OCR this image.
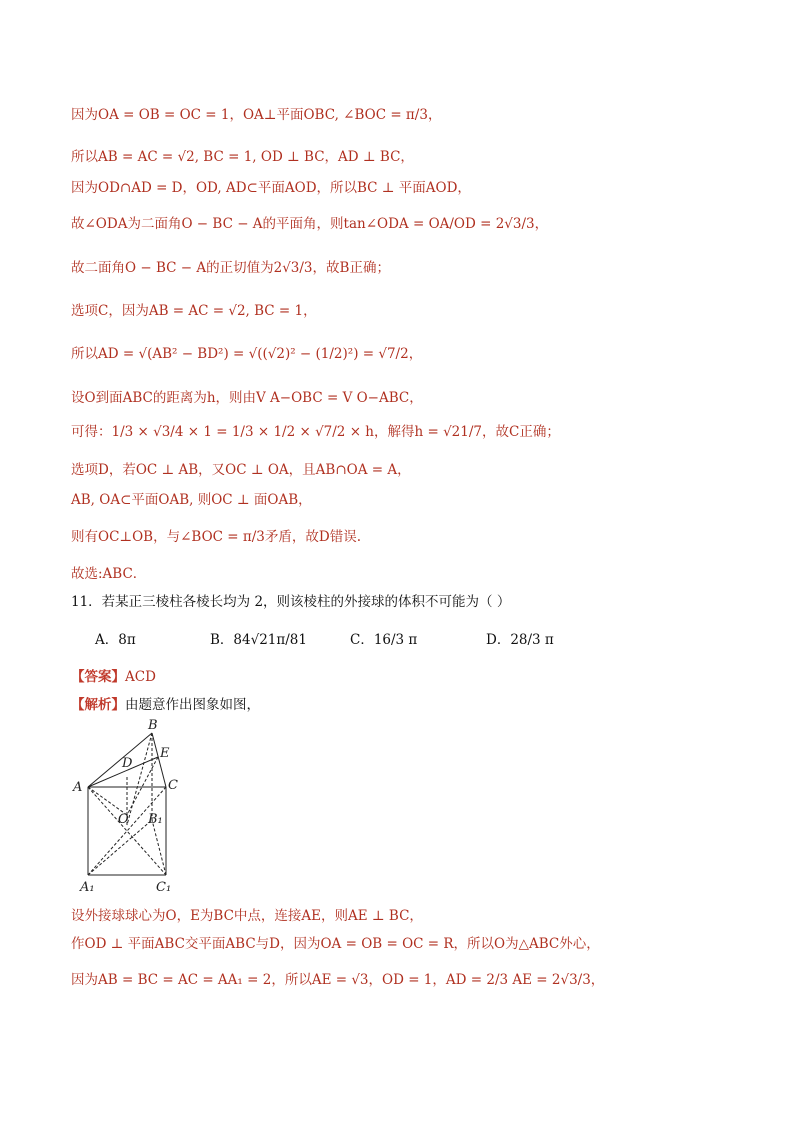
因为OA = OB = OC = 1，OA⊥平面OBC, ∠BOC = π/3，
所以AB = AC = √2, BC = 1, OD ⊥ BC，AD ⊥ BC，
因为OD∩AD = D，OD, AD⊂平面AOD，所以BC ⊥ 平面AOD，
故∠ODA为二面角O − BC − A的平面角，则tan∠ODA = OA/OD = 2√3/3，
故二面角O − BC − A的正切值为2√3/3，故B正确；
选项C，因为AB = AC = √2, BC = 1，
所以AD = √(AB² − BD²) = √((√2)² − (1/2)²) = √7/2，
设O到面ABC的距离为h，则由V A−OBC = V O−ABC，
可得：1/3 × √3/4 × 1 = 1/3 × 1/2 × √7/2 × h，解得h = √21/7，故C正确；
选项D，若OC ⊥ AB，又OC ⊥ OA，且AB∩OA = A，
AB, OA⊂平面OAB, 则OC ⊥ 面OAB，
则有OC⊥OB，与∠BOC = π/3矛盾，故D错误.
故选:ABC．
11．若某正三棱柱各棱长均为 2，则该棱柱的外接球的体积不可能为（ ）
A．8π	B．84√21π/81	C．16/3 π	D．28/3 π
【答案】ACD
【解析】由题意作出图象如图，
B
E
D
A	C
O B₁
A₁	C₁
设外接球球心为O，E为BC中点，连接AE，则AE ⊥ BC，
作OD ⊥ 平面ABC交平面ABC与D，因为OA = OB = OC = R，所以O为△ABC外心，
因为AB = BC = AC = AA₁ = 2，所以AE = √3，OD = 1，AD = 2/3 AE = 2√3/3，
